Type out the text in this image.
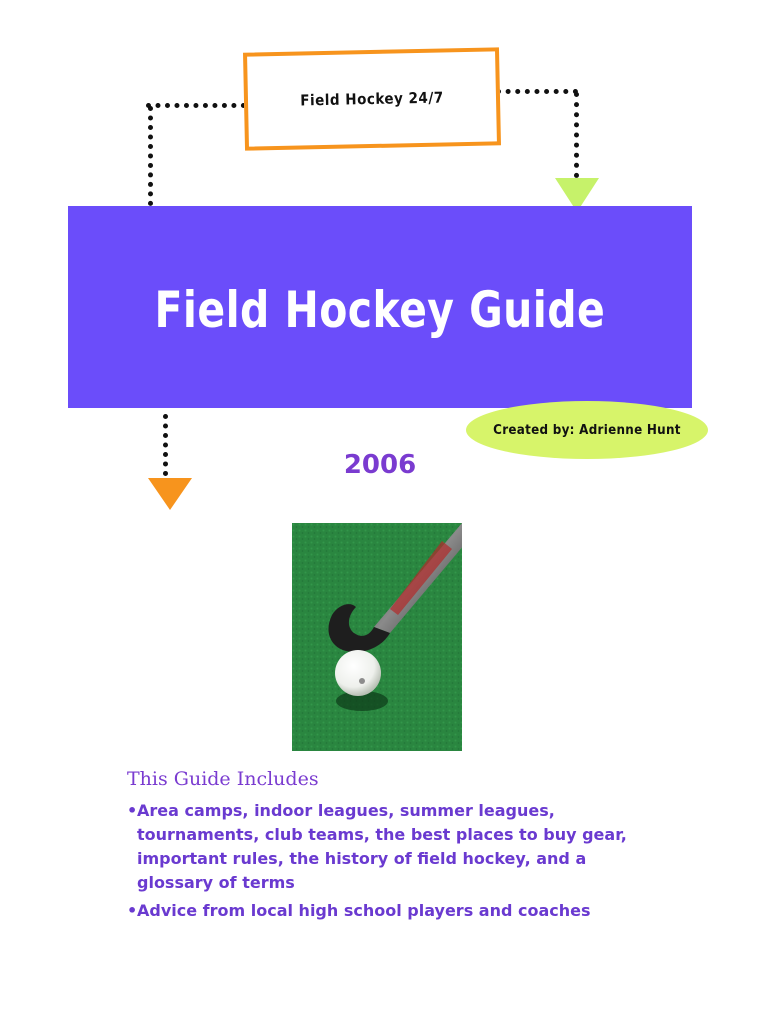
Field Hockey 24/7
Field Hockey Guide
Created by: Adrienne Hunt
2006
This Guide Includes
•Area camps, indoor leagues, summer leagues, tournaments, club teams, the best places to buy gear, important rules, the history of field hockey, and a glossary of terms
•Advice from local high school players and coaches
